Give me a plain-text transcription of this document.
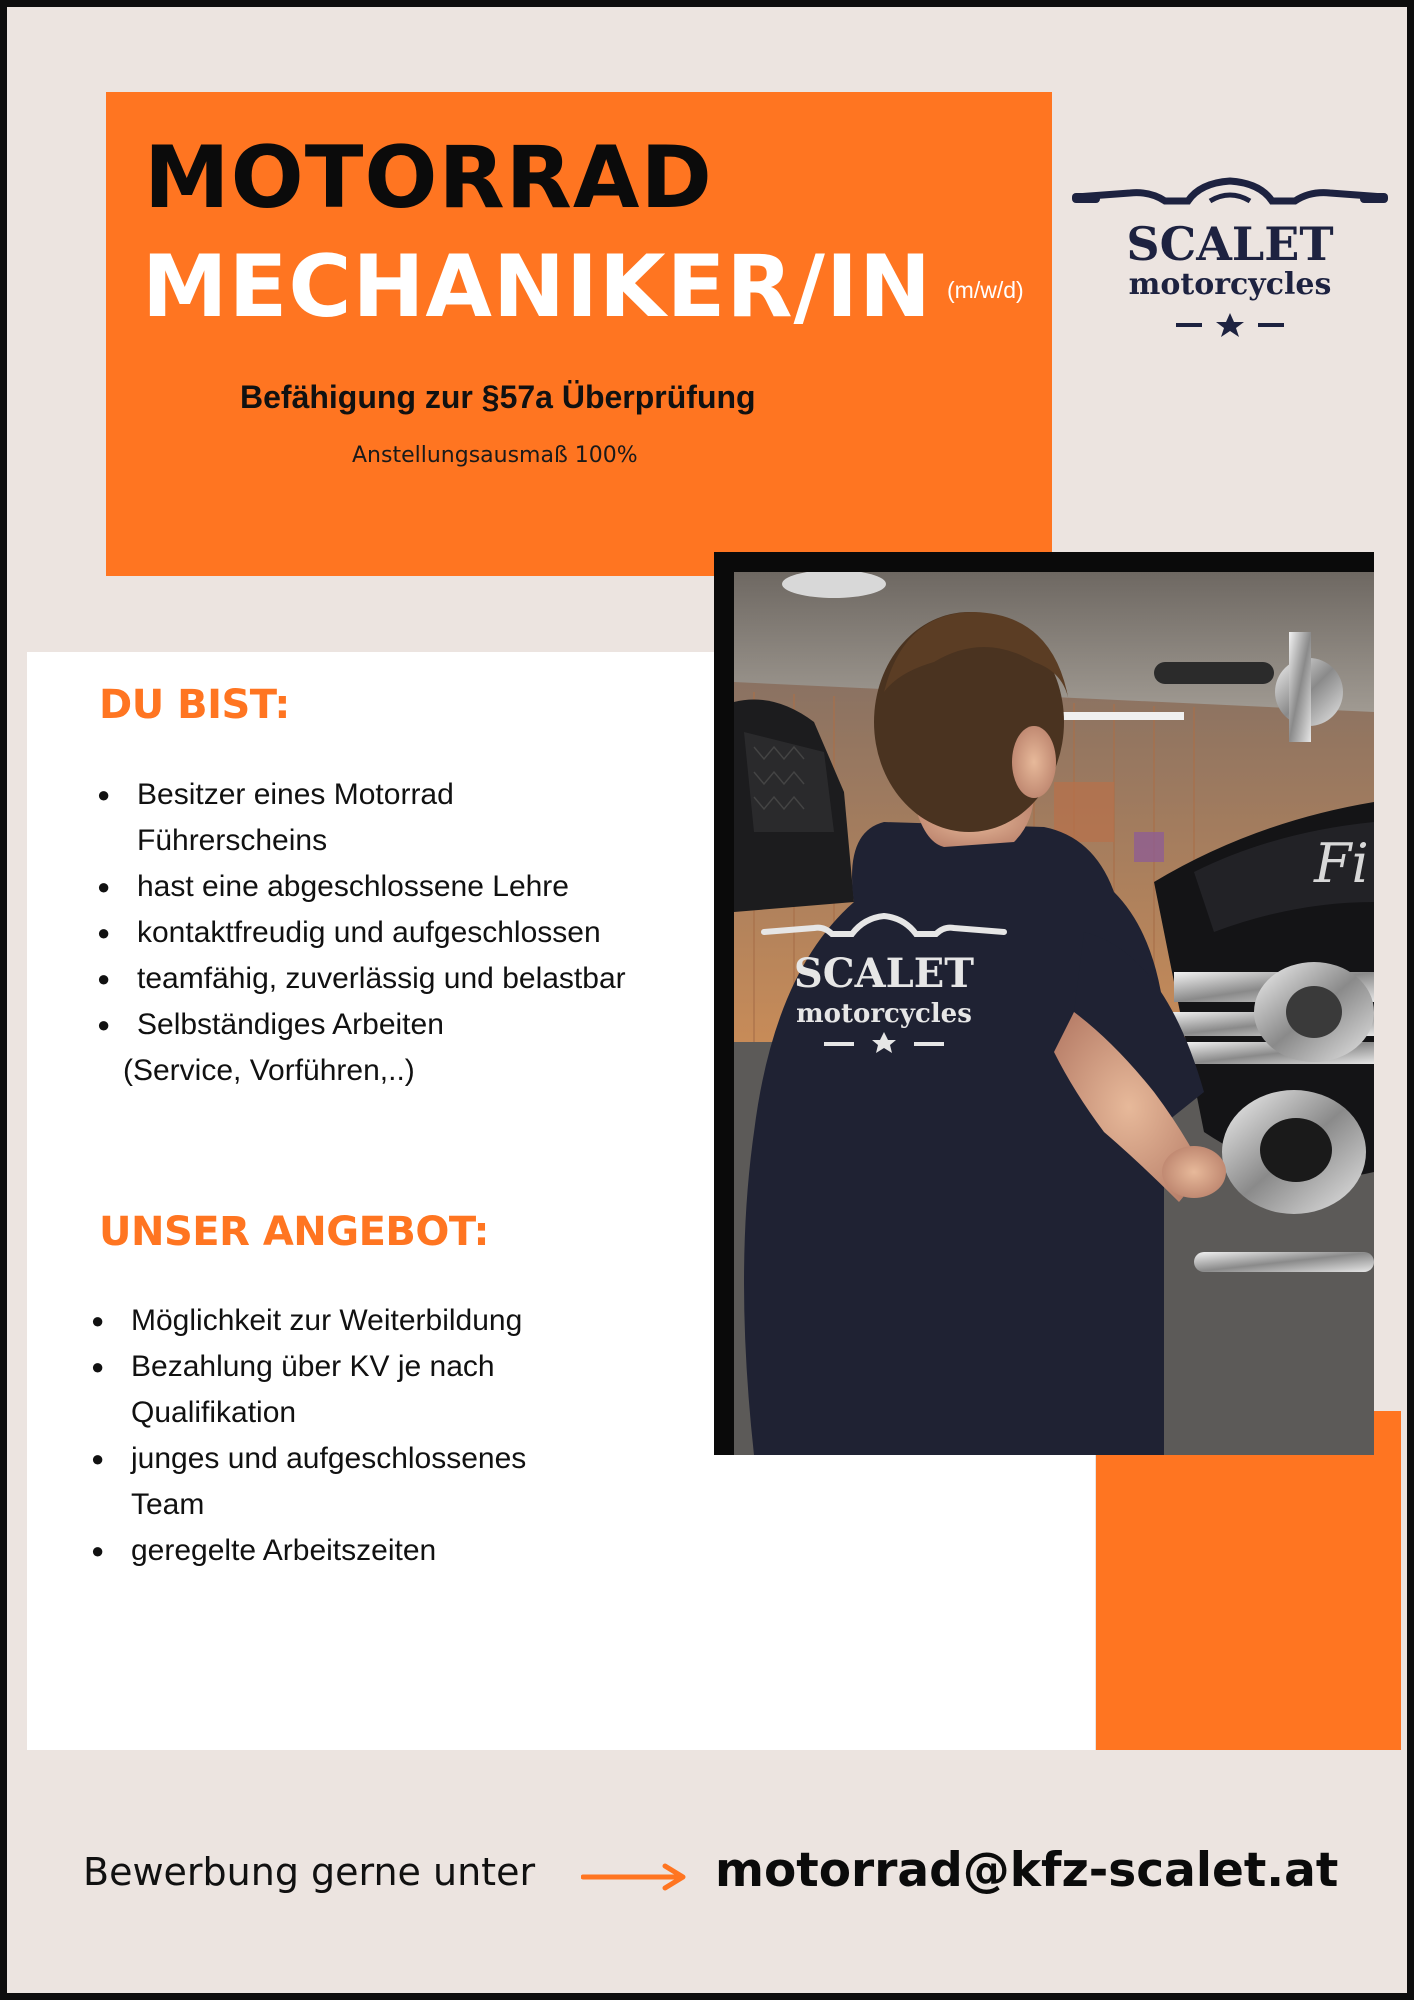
MOTORRAD
MECHANIKER/IN (m/w/d)
Befähigung zur §57a Überprüfung
Anstellungsausmaß 100%
SCALET
motorcycles
Fi
SCALET
motorcycles
DU BIST:
● Besitzer eines Motorrad
Führerscheins
● hast eine abgeschlossene Lehre
● kontaktfreudig und aufgeschlossen
● teamfähig, zuverlässig und belastbar
● Selbständiges Arbeiten
(Service, Vorführen,..)
UNSER ANGEBOT:
● Möglichkeit zur Weiterbildung
● Bezahlung über KV je nach
Qualifikation
● junges und aufgeschlossenes
Team
● geregelte Arbeitszeiten
Bewerbung gerne unter	motorrad@kfz-scalet.at
